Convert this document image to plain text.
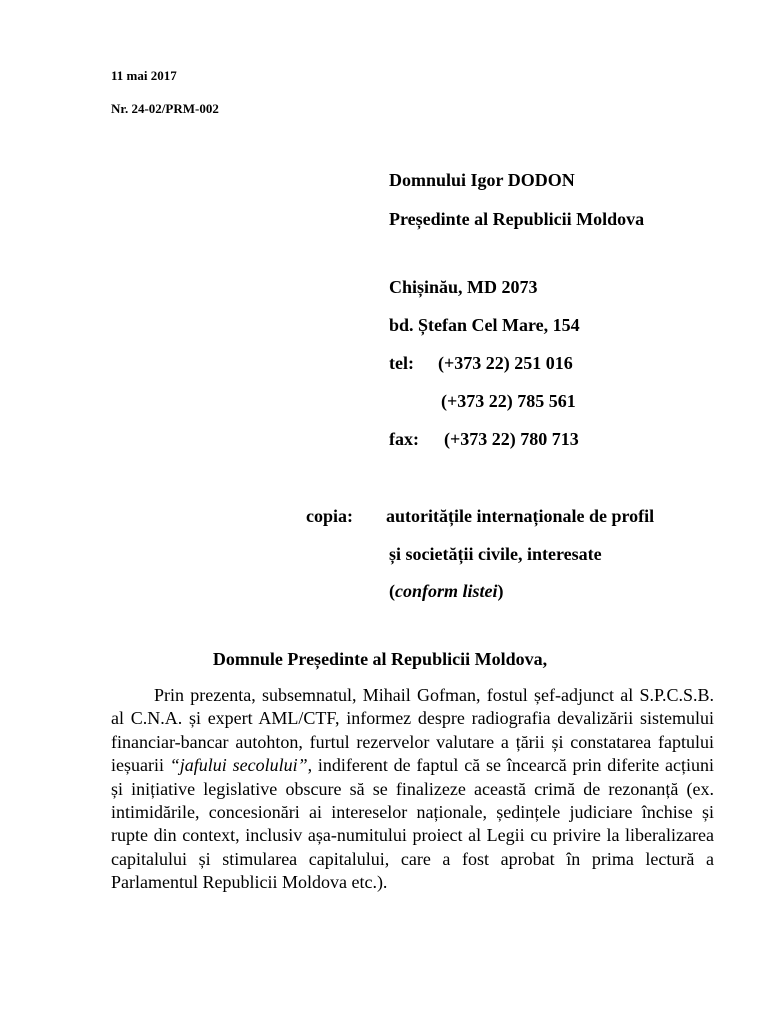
11 mai 2017
Nr. 24-02/PRM-002
Domnului Igor DODON
Președinte al Republicii Moldova
Chișinău, MD 2073
bd. Ștefan Cel Mare, 154
tel: (+373 22) 251 016
(+373 22) 785 561
fax: (+373 22) 780 713
copia: autoritățile internaționale de profil
și societății civile, interesate
(conform listei)
Domnule Președinte al Republicii Moldova,

Prin prezenta, subsemnatul, Mihail Gofman, fostul șef-adjunct al S.P.C.S.B. al C.N.A. și expert AML/CTF, informez despre radiografia devalizării sistemului financiar-bancar autohton, furtul rezervelor valutare a țării și constatarea faptului ieșuarii “jafului secolului”, indiferent de faptul că se încearcă prin diferite acțiuni și inițiative legislative obscure să se finalizeze această crimă de rezonanță (ex. intimidările, concesionări ai intereselor naționale, ședințele judiciare închise și rupte din context, inclusiv așa-numitului proiect al Legii cu privire la liberalizarea capitalului și stimularea capitalului, care a fost aprobat în prima lectură a Parlamentul Republicii Moldova etc.).
